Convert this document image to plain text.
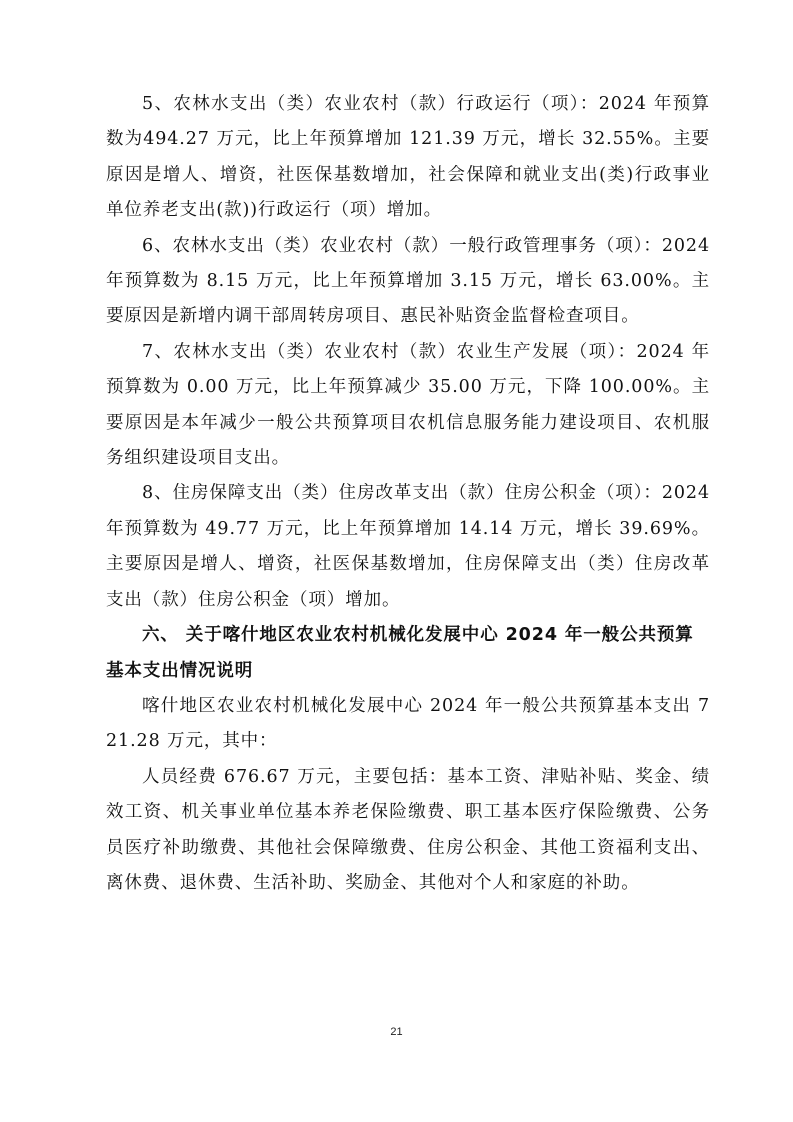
5、农林水支出（类）农业农村（款）行政运行（项）：2024 年预算数为494.27 万元，比上年预算增加 121.39 万元，增长 32.55%。主要原因是增人、增资，社医保基数增加，社会保障和就业支出(类)行政事业单位养老支出(款))行政运行（项）增加。

6、农林水支出（类）农业农村（款）一般行政管理事务（项）：2024 年预算数为 8.15 万元，比上年预算增加 3.15 万元，增长 63.00%。主要原因是新增内调干部周转房项目、惠民补贴资金监督检查项目。

7、农林水支出（类）农业农村（款）农业生产发展（项）：2024 年预算数为 0.00 万元，比上年预算减少 35.00 万元，下降 100.00%。主要原因是本年减少一般公共预算项目农机信息服务能力建设项目、农机服务组织建设项目支出。

8、住房保障支出（类）住房改革支出（款）住房公积金（项）：2024 年预算数为 49.77 万元，比上年预算增加 14.14 万元，增长 39.69%。主要原因是增人、增资，社医保基数增加，住房保障支出（类）住房改革支出（款）住房公积金（项）增加。

六、 关于喀什地区农业农村机械化发展中心 2024 年一般公共预算基本支出情况说明

喀什地区农业农村机械化发展中心 2024 年一般公共预算基本支出 721.28 万元，其中：

人员经费 676.67 万元，主要包括：基本工资、津贴补贴、奖金、绩效工资、机关事业单位基本养老保险缴费、职工基本医疗保险缴费、公务员医疗补助缴费、其他社会保障缴费、住房公积金、其他工资福利支出、离休费、退休费、生活补助、奖励金、其他对个人和家庭的补助。

21
